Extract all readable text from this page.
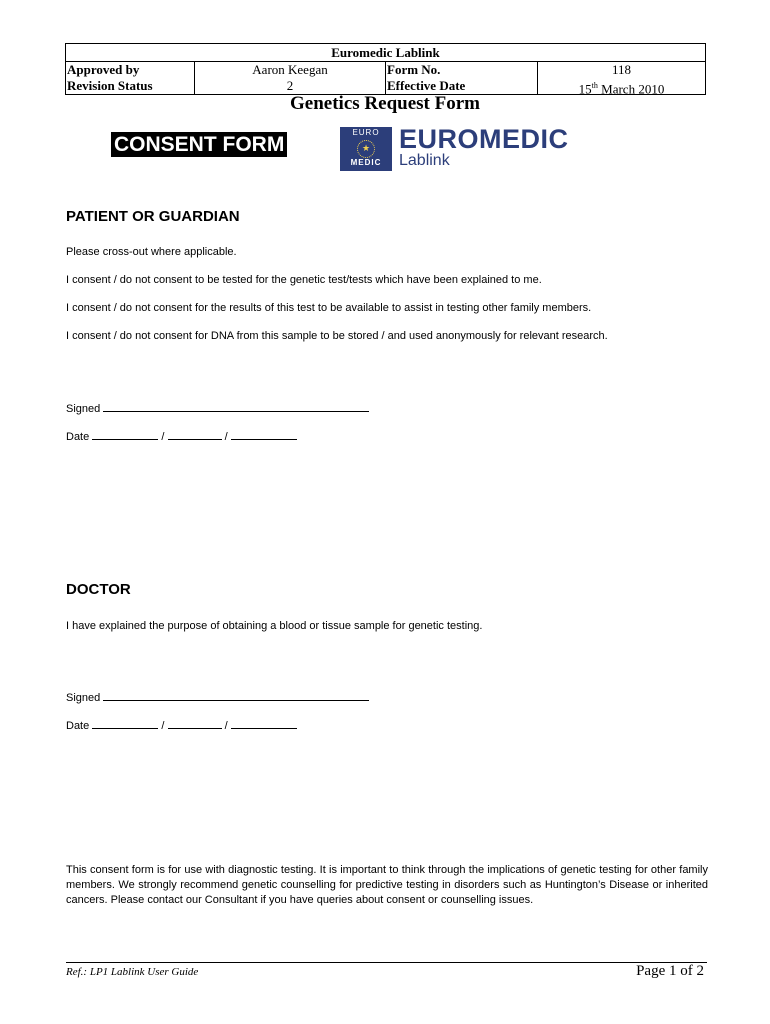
Euromedic Lablink
Approved by	Aaron Keegan	Form No.	118
Revision Status	2	Effective Date	15th March 2010
Genetics Request Form
CONSENT FORM
EURO
★
MEDIC
EUROMEDIC
Lablink
PATIENT OR GUARDIAN
Please cross-out where applicable.
I consent / do not consent to be tested for the genetic test/tests which have been explained to me.
I consent / do not consent for the results of this test to be available to assist in testing other family members.
I consent / do not consent for DNA from this sample to be stored / and used anonymously for relevant research.
Signed
Date	/	/
DOCTOR
I have explained the purpose of obtaining a blood or tissue sample for genetic testing.
Signed
Date	/	/
This consent form is for use with diagnostic testing. It is important to think through the implications of genetic testing for other family members. We strongly recommend genetic counselling for predictive testing in disorders such as Huntington’s Disease or inherited cancers. Please contact our Consultant if you have queries about consent or counselling issues.
Ref.: LP1 Lablink User Guide	Page 1 of 2
